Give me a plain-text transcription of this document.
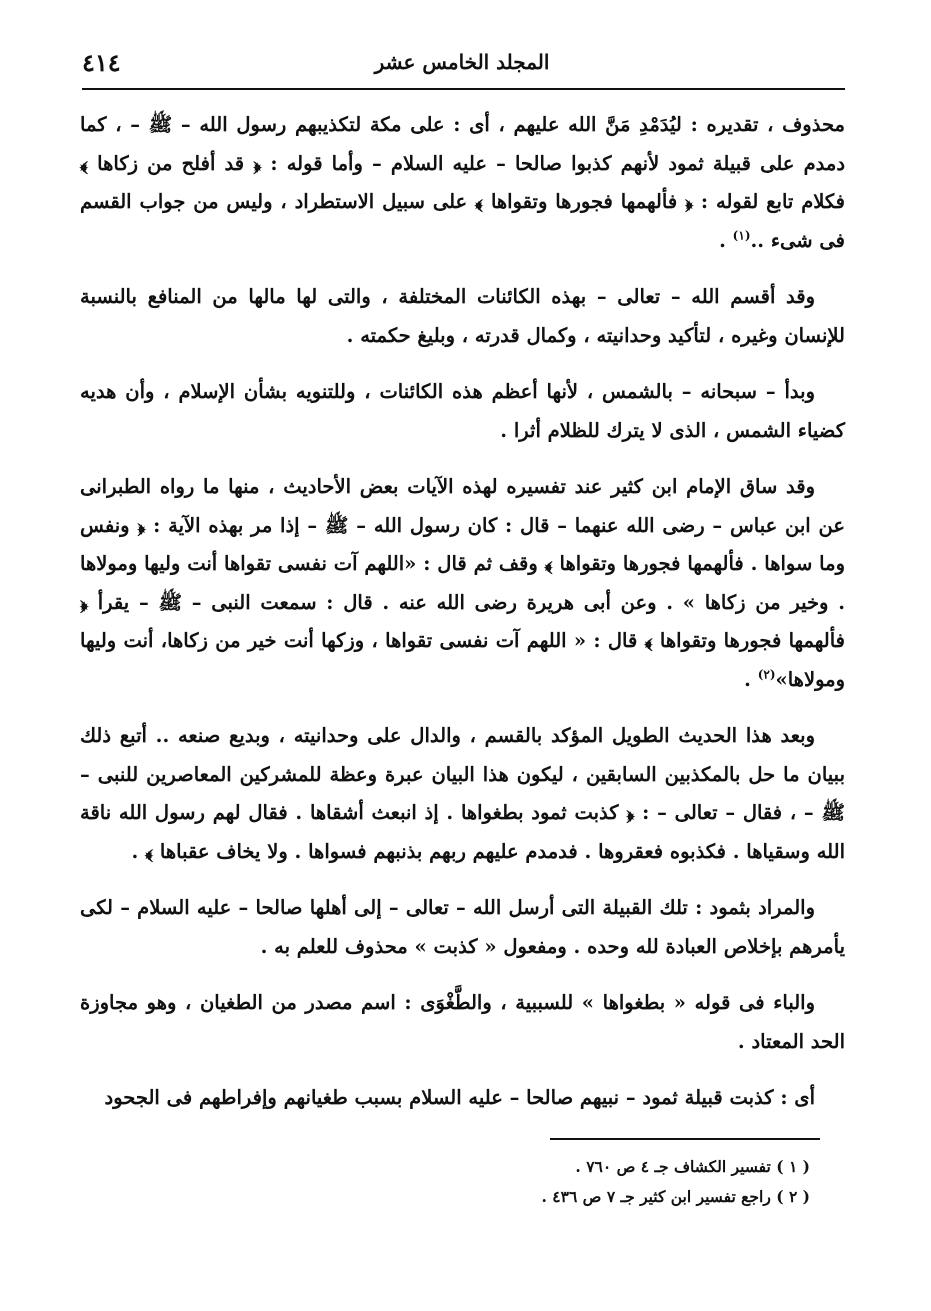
٤١٤	المجلد الخامس عشر

محذوف ، تقديره : ليُدَمْدِ مَنَّ الله عليهم ، أى : على مكة لتكذيبهم رسول الله – ﷺ – ، كما دمدم على قبيلة ثمود لأنهم كذبوا صالحا – عليه السلام – وأما قوله : ﴿ قد أفلح من زكاها ﴾ فكلام تابع لقوله : ﴿ فألهمها فجورها وتقواها ﴾ على سبيل الاستطراد ، وليس من جواب القسم فى شىء ..$^{(١)}$ .

وقد أقسم الله – تعالى – بهذه الكائنات المختلفة ، والتى لها مالها من المنافع بالنسبة للإنسان وغيره ، لتأكيد وحدانيته ، وكمال قدرته ، وبليغ حكمته .

وبدأ – سبحانه – بالشمس ، لأنها أعظم هذه الكائنات ، وللتنويه بشأن الإسلام ، وأن هديه كضياء الشمس ، الذى لا يترك للظلام أثرا .

وقد ساق الإمام ابن كثير عند تفسيره لهذه الآيات بعض الأحاديث ، منها ما رواه الطبرانى عن ابن عباس – رضى الله عنهما – قال : كان رسول الله – ﷺ – إذا مر بهذه الآية : ﴿ ونفس وما سواها . فألهمها فجورها وتقواها ﴾ وقف ثم قال : «اللهم آت نفسى تقواها أنت وليها ومولاها . وخير من زكاها » . وعن أبى هريرة رضى الله عنه . قال : سمعت النبى – ﷺ – يقرأ ﴿ فألهمها فجورها وتقواها ﴾ قال : « اللهم آت نفسى تقواها ، وزكها أنت خير من زكاها، أنت وليها ومولاها»$^{(٢)}$ .

وبعد هذا الحديث الطويل المؤكد بالقسم ، والدال على وحدانيته ، وبديع صنعه .. أتبع ذلك ببيان ما حل بالمكذبين السابقين ، ليكون هذا البيان عبرة وعظة للمشركين المعاصرين للنبى – ﷺ – ، فقال – تعالى – : ﴿ كذبت ثمود بطغواها . إذ انبعث أشقاها . فقال لهم رسول الله ناقة الله وسقياها . فكذبوه فعقروها . فدمدم عليهم ربهم بذنبهم فسواها . ولا يخاف عقباها ﴾ .

والمراد بثمود : تلك القبيلة التى أرسل الله – تعالى – إلى أهلها صالحا – عليه السلام – لكى يأمرهم بإخلاص العبادة لله وحده . ومفعول « كذبت » محذوف للعلم به .

والباء فى قوله « بطغواها » للسببية ، والطَّغْوَى : اسم مصدر من الطغيان ، وهو مجاوزة الحد المعتاد .

أى : كذبت قبيلة ثمود – نبيهم صالحا – عليه السلام بسبب طغيانهم وإفراطهم فى الجحود

( ١ ) تفسير الكشاف جـ ٤ ص ٧٦٠ .
( ٢ ) راجع تفسير ابن كثير جـ ٧ ص ٤٣٦ .
